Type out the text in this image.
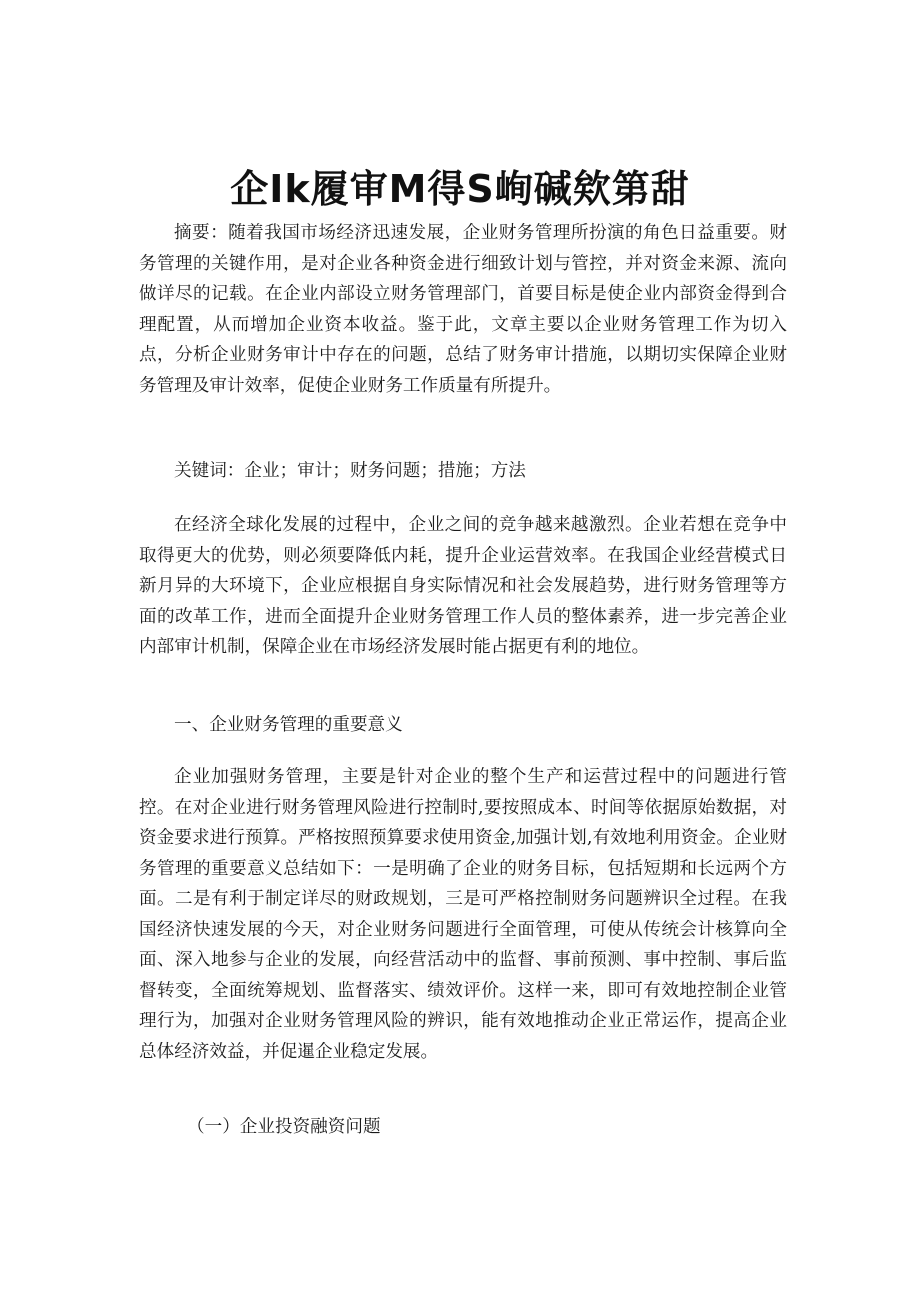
企Ik履审M得S峋碱欸第甜

摘要：随着我国市场经济迅速发展，企业财务管理所扮演的角色日益重要。财务管理的关键作用，是对企业各种资金进行细致计划与管控，并对资金来源、流向做详尽的记载。在企业内部设立财务管理部门，首要目标是使企业内部资金得到合理配置，从而增加企业资本收益。鉴于此，文章主要以企业财务管理工作为切入点，分析企业财务审计中存在的问题，总结了财务审计措施，以期切实保障企业财务管理及审计效率，促使企业财务工作质量有所提升。

关键词：企业；审计；财务问题；措施；方法

在经济全球化发展的过程中，企业之间的竞争越来越激烈。企业若想在竞争中取得更大的优势，则必须要降低内耗，提升企业运营效率。在我国企业经营模式日新月异的大环境下，企业应根据自身实际情况和社会发展趋势，进行财务管理等方面的改革工作，进而全面提升企业财务管理工作人员的整体素养，进一步完善企业内部审计机制，保障企业在市场经济发展时能占据更有利的地位。

一、企业财务管理的重要意义

企业加强财务管理，主要是针对企业的整个生产和运营过程中的问题进行管控。在对企业进行财务管理风险进行控制时,要按照成本、时间等依据原始数据，对资金要求进行预算。严格按照预算要求使用资金,加强计划,有效地利用资金。企业财务管理的重要意义总结如下：一是明确了企业的财务目标，包括短期和长远两个方面。二是有利于制定详尽的财政规划，三是可严格控制财务问题辨识全过程。在我国经济快速发展的今天，对企业财务问题进行全面管理，可使从传统会计核算向全面、深入地参与企业的发展，向经营活动中的监督、事前预测、事中控制、事后监督转变，全面统筹规划、监督落实、绩效评价。这样一来，即可有效地控制企业管理行为，加强对企业财务管理风险的辨识，能有效地推动企业正常运作，提高企业总体经济效益，并促暹企业稳定发展。

（一）企业投资融资问题
